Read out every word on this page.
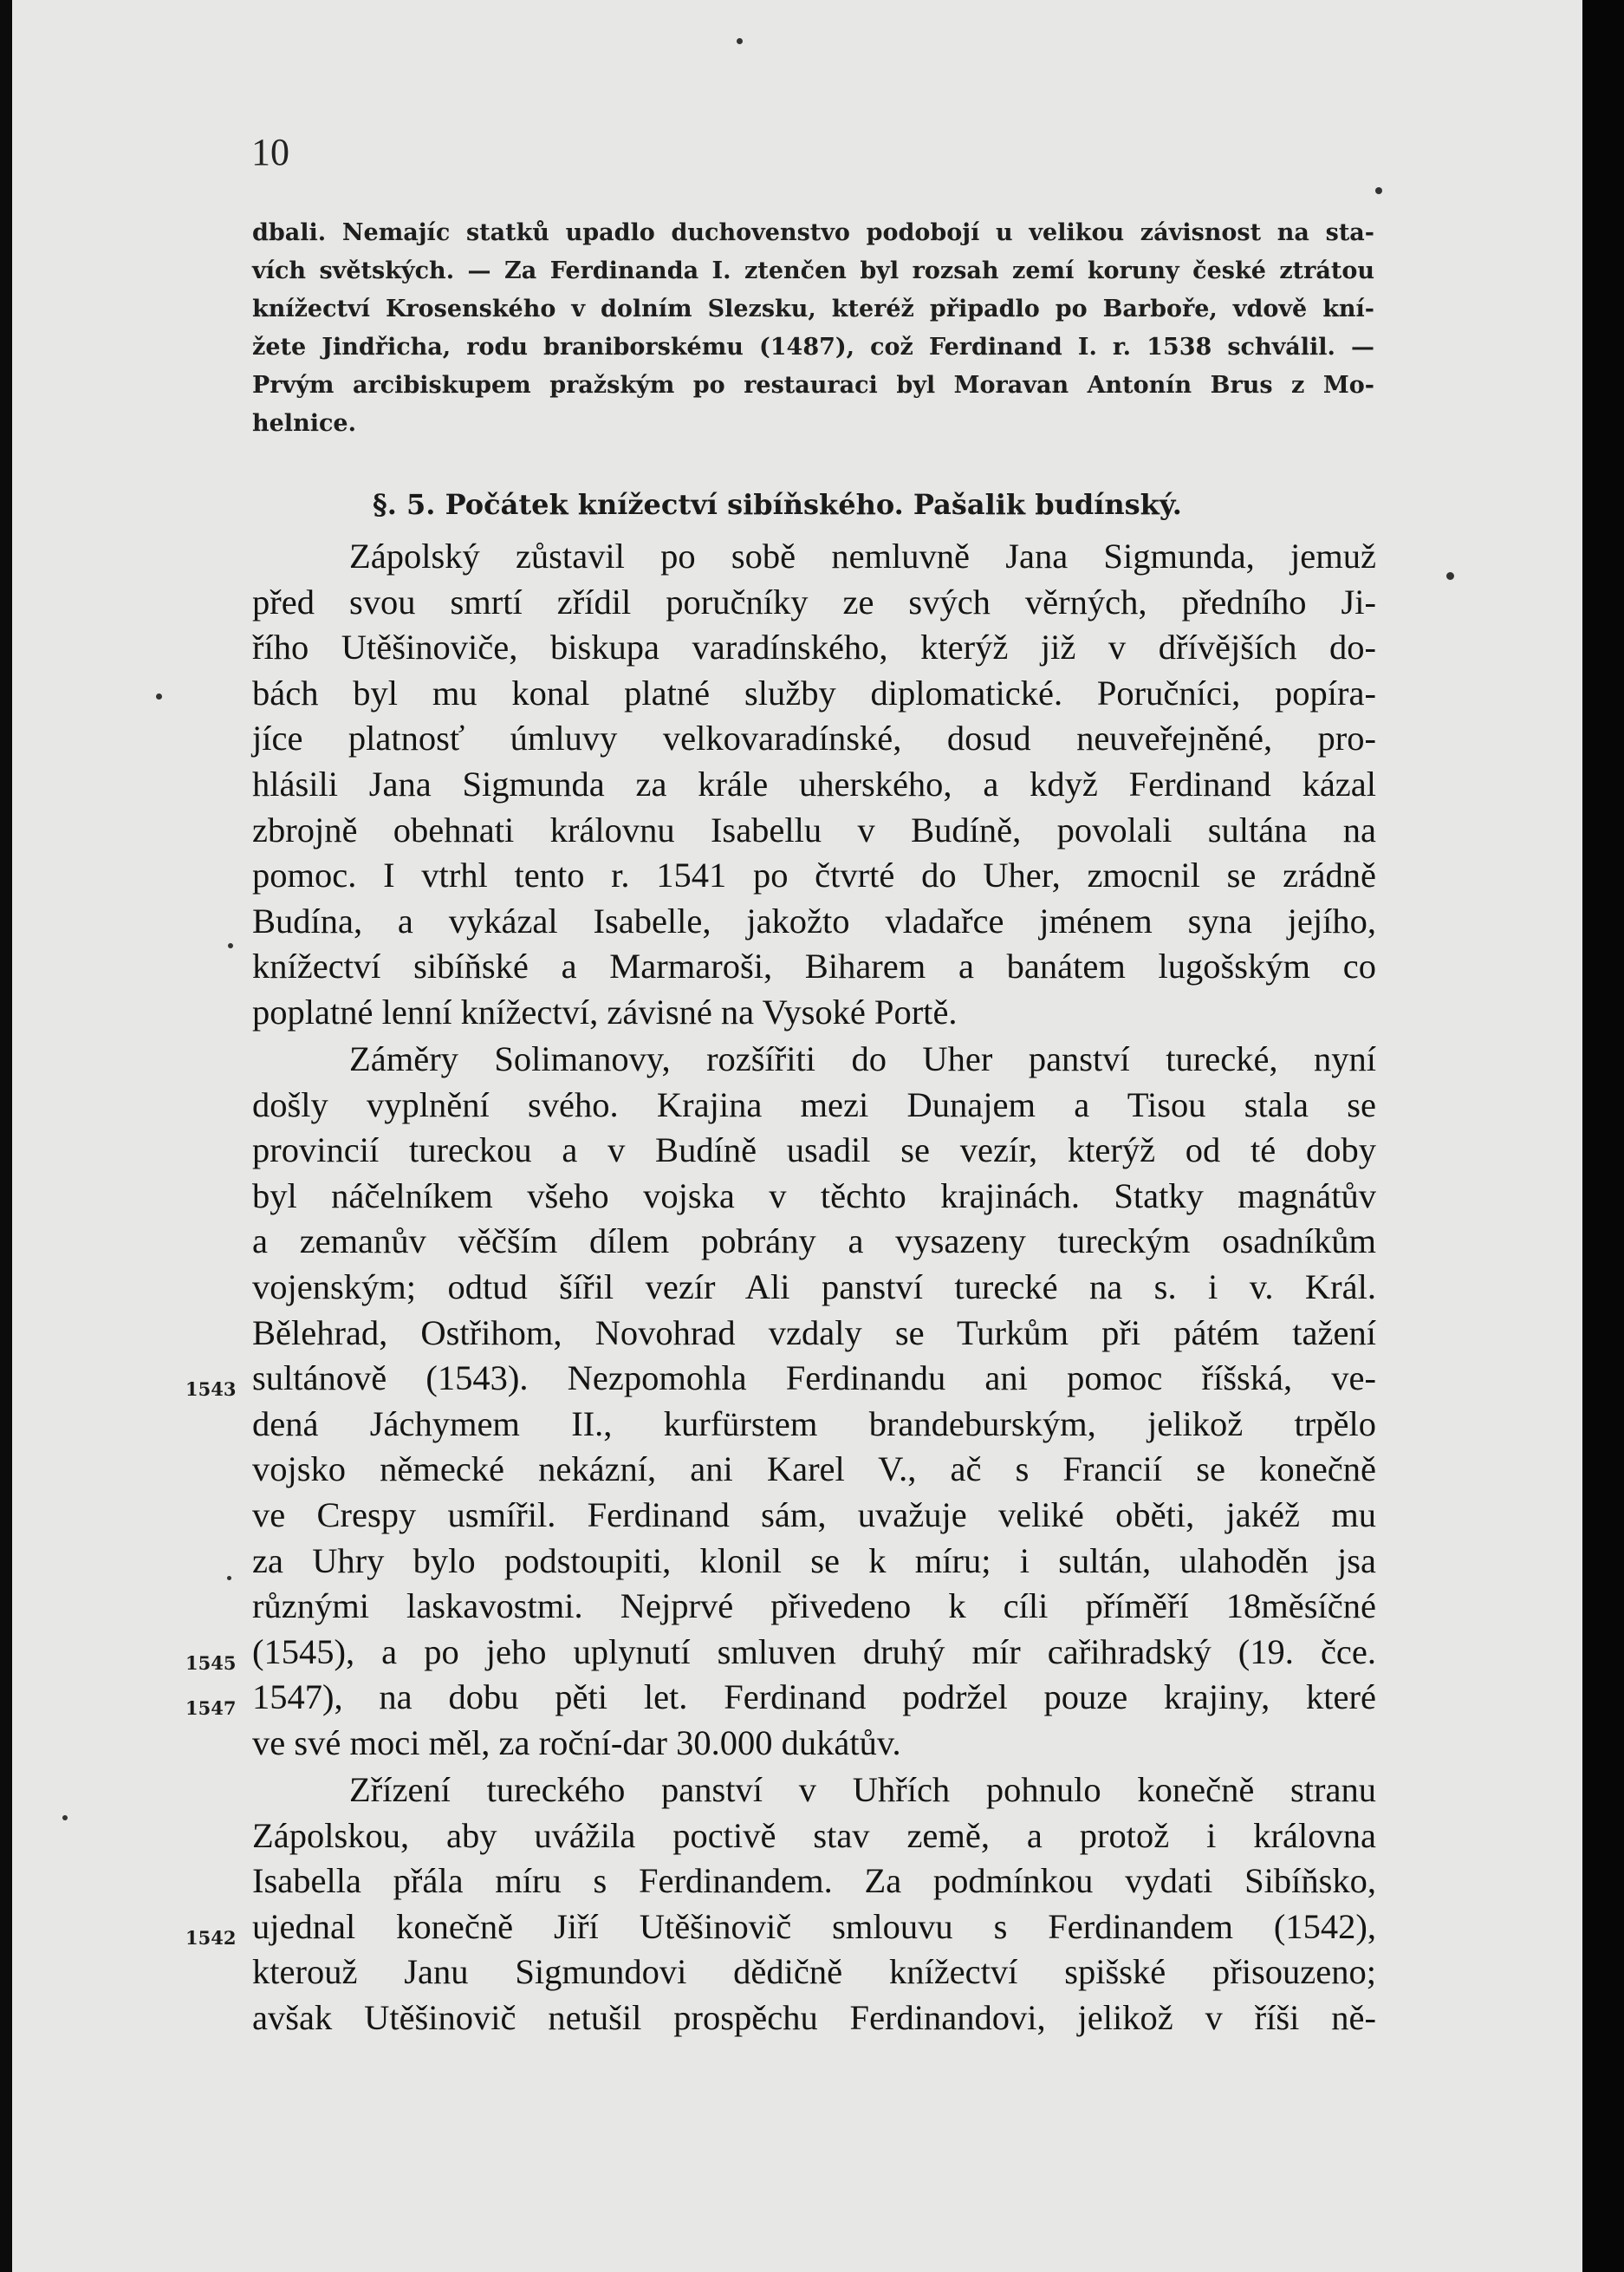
10
dbali. Nemajíc statků upadlo duchovenstvo podobojí u velikou závisnost na sta-
vích světských. — Za Ferdinanda I. ztenčen byl rozsah zemí koruny české ztrátou
knížectví Krosenského v dolním Slezsku, kteréž připadlo po Barboře, vdově kní-
žete Jindřicha, rodu braniborskému (1487), což Ferdinand I. r. 1538 schválil. —
Prvým arcibiskupem pražským po restauraci byl Moravan Antonín Brus z Mo-
helnice.
§. 5. Počátek knížectví sibíňského. Pašalik budínský.
Zápolský zůstavil po sobě nemluvně Jana Sigmunda, jemuž
před svou smrtí zřídil poručníky ze svých věrných, předního Ji-
řího Utěšinoviče, biskupa varadínského, kterýž již v dřívějších do-
bách byl mu konal platné služby diplomatické. Poručníci, popíra-
jíce platnosť úmluvy velkovaradínské, dosud neuveřejněné, pro-
hlásili Jana Sigmunda za krále uherského, a když Ferdinand kázal
zbrojně obehnati královnu Isabellu v Budíně, povolali sultána na
pomoc. I vtrhl tento r. 1541 po čtvrté do Uher, zmocnil se zrádně
Budína, a vykázal Isabelle, jakožto vladařce jménem syna jejího,
knížectví sibíňské a Marmaroši, Biharem a banátem lugošským co
poplatné lenní knížectví, závisné na Vysoké Portě.
Záměry Solimanovy, rozšířiti do Uher panství turecké, nyní
došly vyplnění svého. Krajina mezi Dunajem a Tisou stala se
provincií tureckou a v Budíně usadil se vezír, kterýž od té doby
byl náčelníkem všeho vojska v těchto krajinách. Statky magnátův
a zemanův věčším dílem pobrány a vysazeny tureckým osadníkům
vojenským; odtud šířil vezír Ali panství turecké na s. i v. Král.
Bělehrad, Ostřihom, Novohrad vzdaly se Turkům při pátém tažení
sultánově (1543). Nezpomohla Ferdinandu ani pomoc říšská, ve-
dená Jáchymem II., kurfürstem brandeburským, jelikož trpělo
vojsko německé nekázní, ani Karel V., ač s Francií se konečně
ve Crespy usmířil. Ferdinand sám, uvažuje veliké oběti, jakéž mu
za Uhry bylo podstoupiti, klonil se k míru; i sultán, ulahoděn jsa
různými laskavostmi. Nejprvé přivedeno k cíli příměří 18měsíčné
(1545), a po jeho uplynutí smluven druhý mír cařihradský (19. čce.
1547), na dobu pěti let. Ferdinand podržel pouze krajiny, které
ve své moci měl, za roční-dar 30.000 dukátův.
Zřízení tureckého panství v Uhřích pohnulo konečně stranu
Zápolskou, aby uvážila poctivě stav země, a protož i královna
Isabella přála míru s Ferdinandem. Za podmínkou vydati Sibíňsko,
ujednal konečně Jiří Utěšinovič smlouvu s Ferdinandem (1542),
kterouž Janu Sigmundovi dědičně knížectví spišské přisouzeno;
avšak Utěšinovič netušil prospěchu Ferdinandovi, jelikož v říši ně-
1543
1545
1547
1542
